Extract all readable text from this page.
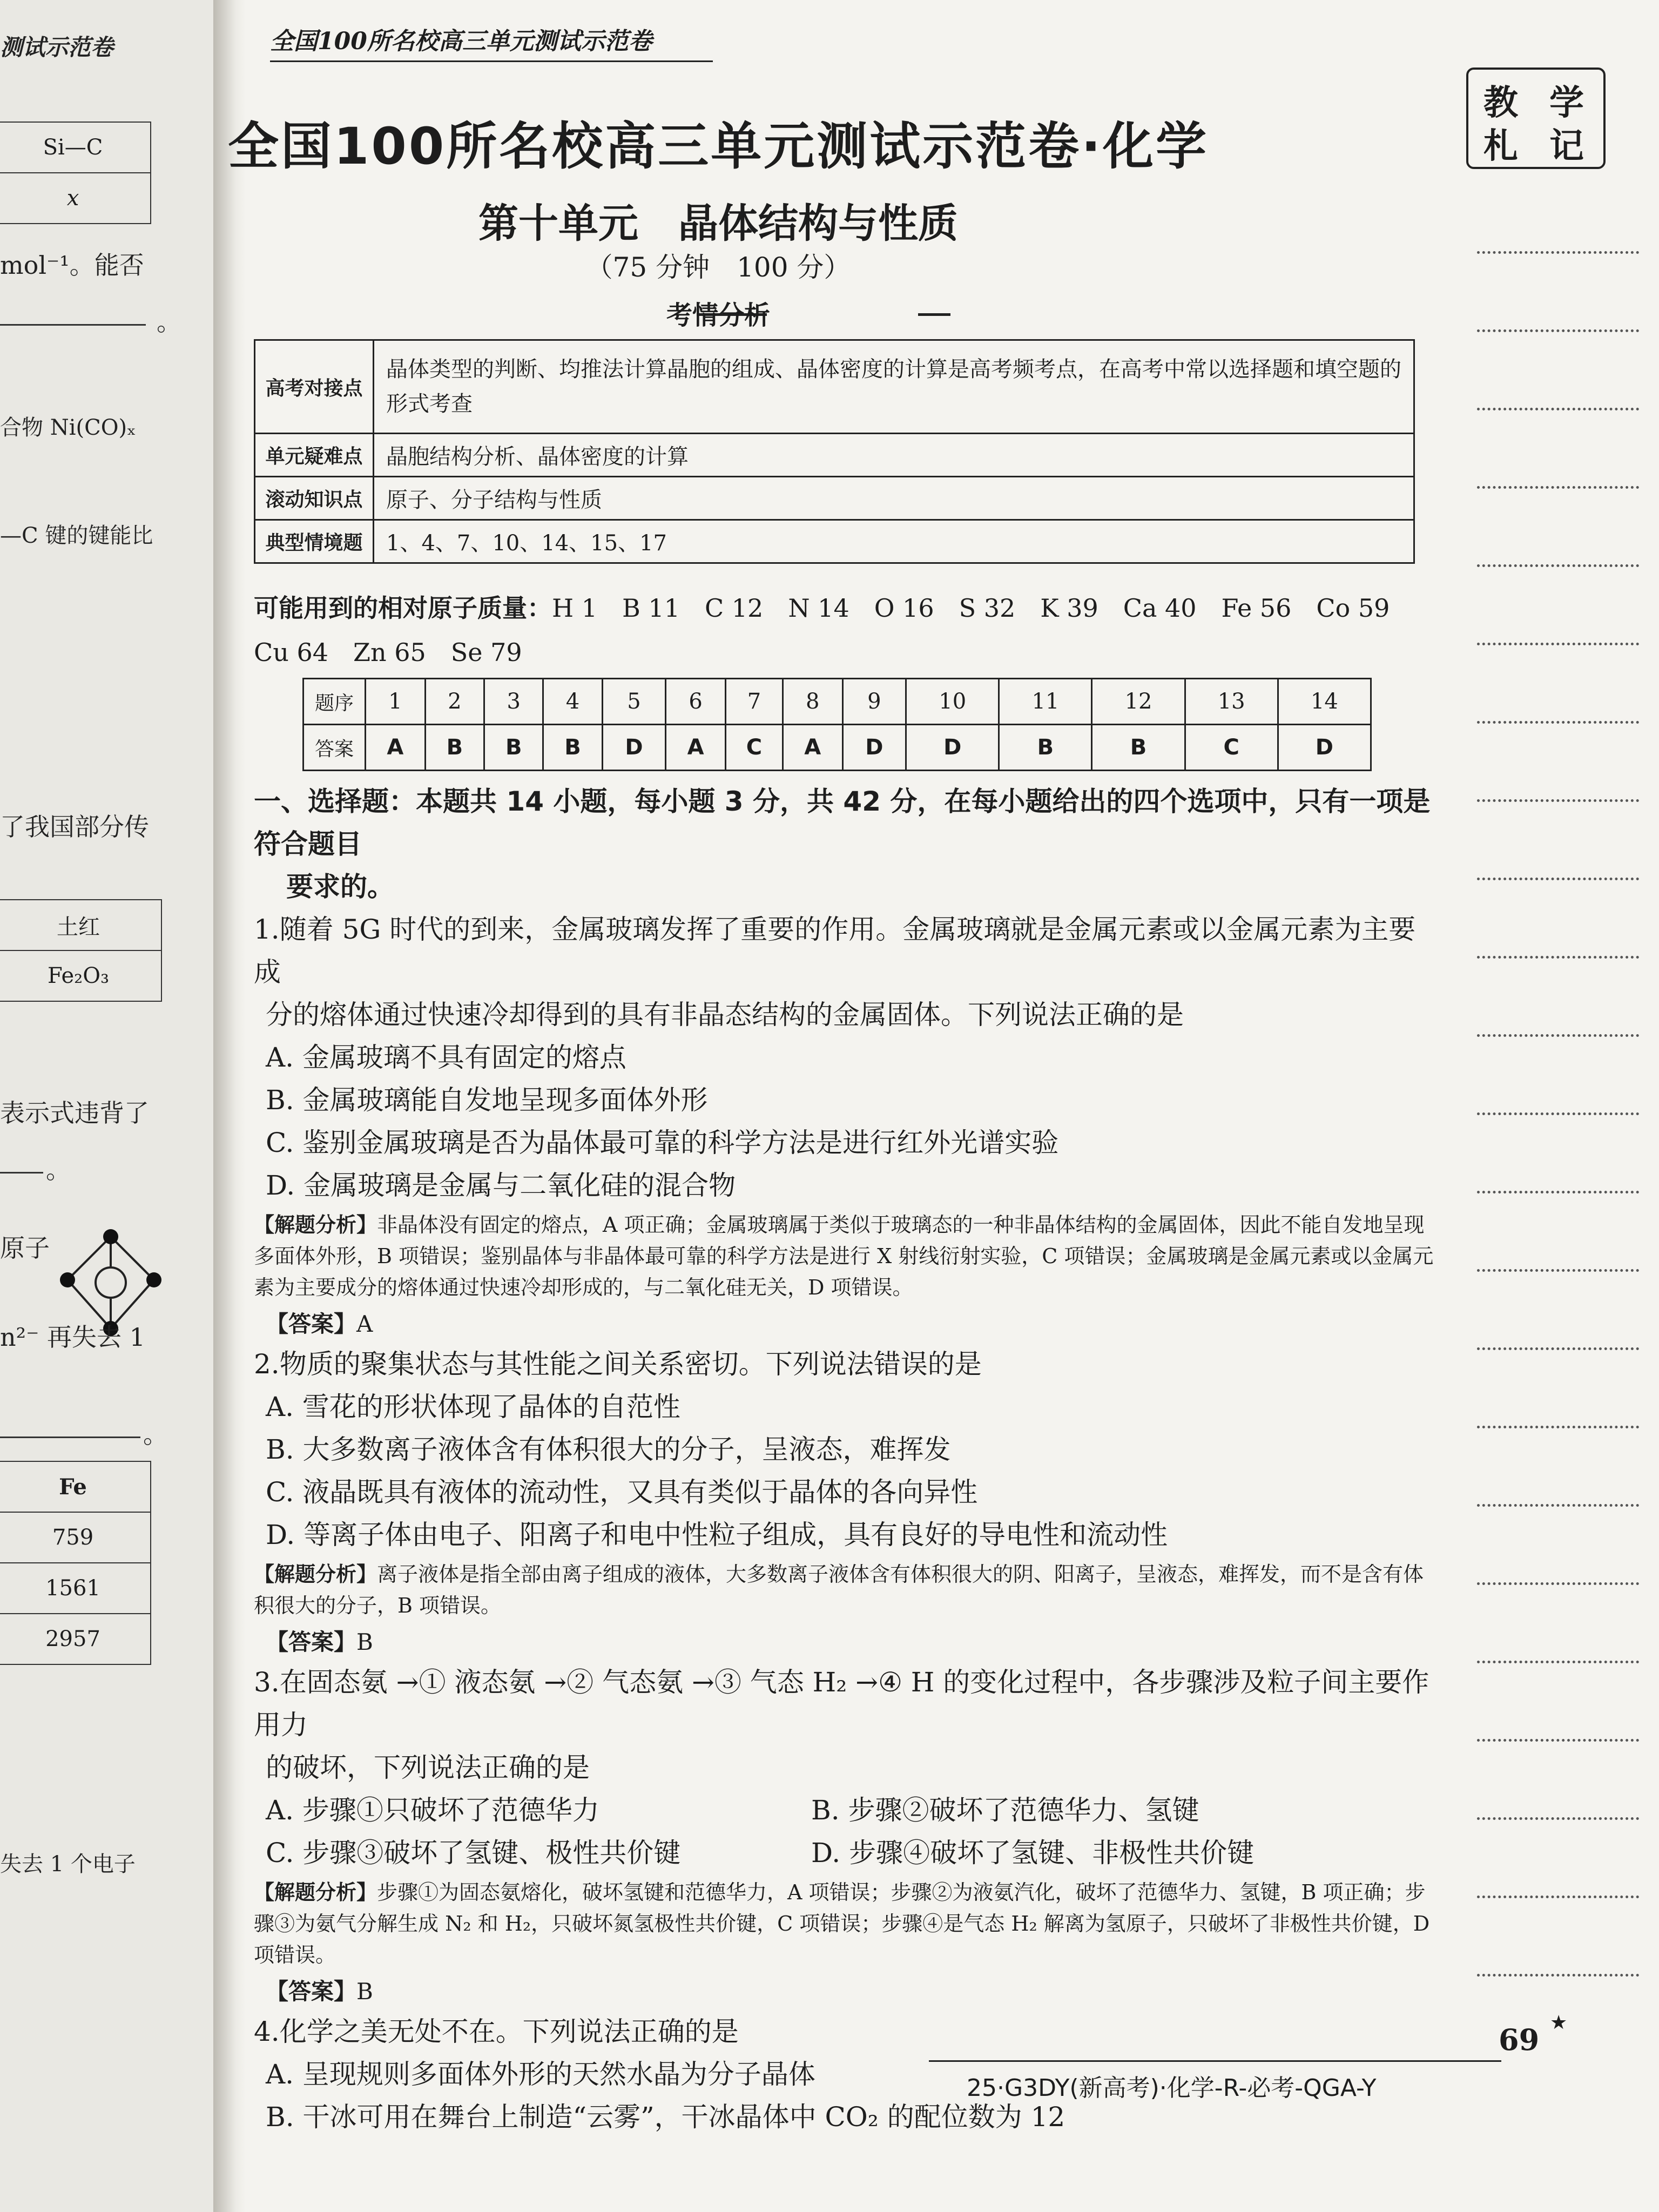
测试示范卷
Si—C
x
mol⁻¹。能否
。
合物 Ni(CO)ₓ
—C 键的键能比
了我国部分传
土红
Fe₂O₃
表示式违背了
。
原子
n²⁻ 再失去 1
。
Fe
759
1561
2957
失去 1 个电子
全国100所名校高三单元测试示范卷
全国100所名校高三单元测试示范卷·化学
第十单元　晶体结构与性质
（75 分钟　100 分）
考情分析
高考对接点	晶体类型的判断、均推法计算晶胞的组成、晶体密度的计算是高考频考点，在高考中常以选择题和填空题的形式考查
单元疑难点	晶胞结构分析、晶体密度的计算
滚动知识点	原子、分子结构与性质
典型情境题	1、4、7、10、14、15、17
可能用到的相对原子质量：H 1　B 11　C 12　N 14　O 16　S 32　K 39　Ca 40　Fe 56　Co 59　Cu 64　Zn 65　Se 79
题序	1	2	3	4	5	6	7	8	9	10	11	12	13	14
答案	A	B	B	B	D	A	C	A	D	D	B	B	C	D

一、选择题：本题共 14 小题，每小题 3 分，共 42 分，在每小题给出的四个选项中，只有一项是符合题目

要求的。

1.随着 5G 时代的到来，金属玻璃发挥了重要的作用。金属玻璃就是金属元素或以金属元素为主要成

分的熔体通过快速冷却得到的具有非晶态结构的金属固体。下列说法正确的是

A. 金属玻璃不具有固定的熔点

B. 金属玻璃能自发地呈现多面体外形

C. 鉴别金属玻璃是否为晶体最可靠的科学方法是进行红外光谱实验

D. 金属玻璃是金属与二氧化硅的混合物

【解题分析】非晶体没有固定的熔点，A 项正确；金属玻璃属于类似于玻璃态的一种非晶体结构的金属固体，因此不能自发地呈现多面体外形，B 项错误；鉴别晶体与非晶体最可靠的科学方法是进行 X 射线衍射实验，C 项错误；金属玻璃是金属元素或以金属元素为主要成分的熔体通过快速冷却形成的，与二氧化硅无关，D 项错误。

【答案】A

2.物质的聚集状态与其性能之间关系密切。下列说法错误的是

A. 雪花的形状体现了晶体的自范性

B. 大多数离子液体含有体积很大的分子，呈液态，难挥发

C. 液晶既具有液体的流动性，又具有类似于晶体的各向异性

D. 等离子体由电子、阳离子和电中性粒子组成，具有良好的导电性和流动性

【解题分析】离子液体是指全部由离子组成的液体，大多数离子液体含有体积很大的阴、阳离子，呈液态，难挥发，而不是含有体积很大的分子，B 项错误。

【答案】B

3.在固态氨 →① 液态氨 →② 气态氨 →③ 气态 H₂ →④ H 的变化过程中，各步骤涉及粒子间主要作用力

的破坏，下列说法正确的是

A. 步骤①只破坏了范德华力	B. 步骤②破坏了范德华力、氢键

C. 步骤③破坏了氢键、极性共价键	D. 步骤④破坏了氢键、非极性共价键

【解题分析】步骤①为固态氨熔化，破坏氢键和范德华力，A 项错误；步骤②为液氨汽化，破坏了范德华力、氢键，B 项正确；步骤③为氨气分解生成 N₂ 和 H₂，只破坏氮氢极性共价键，C 项错误；步骤④是气态 H₂ 解离为氢原子，只破坏了非极性共价键，D 项错误。

【答案】B

4.化学之美无处不在。下列说法正确的是

A. 呈现规则多面体外形的天然水晶为分子晶体

B. 干冰可用在舞台上制造“云雾”，干冰晶体中 CO₂ 的配位数为 12

教 学
札 记
★
69
25·G3DY(新高考)·化学-R-必考-QGA-Y
